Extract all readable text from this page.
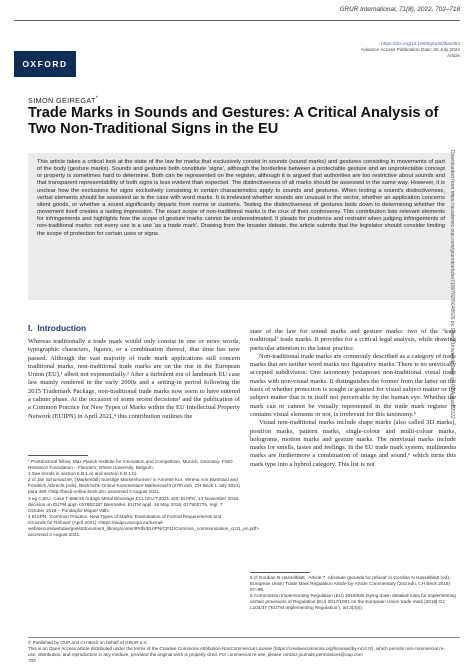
OXFORD
GRUR International, 71(8), 2022, 702–718
https://doi.org/10.1093/grurint/ikac053
Advance Access Publication Date: 26 July 2022
Article
SIMON GEIREGAT*
Trade Marks in Sounds and Gestures: A Critical Analysis of Two Non-Traditional Signs in the EU
This article takes a critical look at the state of the law for marks that exclusively consist in sounds (sound marks) and gestures consisting in movements of part of the body (gesture marks). Sounds and gestures both constitute ‘signs’, although the borderline between a protectable gesture and an unprotectable concept or property is sometimes hard to determine. Both can be represented on the register, although it is argued that authorities are too restrictive about sounds and that transparent representability of both signs is less evident than expected. The distinctiveness of all marks should be assessed in the same way. However, it is unclear how the exclusions for signs exclusively consisting in certain characteristics apply to sounds and gestures. When testing a sound’s distinctiveness, verbal elements should be assessed as is the case with word marks. It is irrelevant whether sounds are unusual in the sector, whether an application concerns silent goods, or whether a sound significantly departs from norms or customs. Testing the distinctiveness of gestures boils down to determining whether the movement itself creates a lasting impression. The exact scope of non-traditional marks is the crux of their controversy. This contribution lists relevant elements for infringements and highlights how the scope of gesture marks cannot be underestimated. It pleads for prudence and restraint when judging infringements of non-traditional marks: not every use is a use ‘as a trade mark’. Drawing from the broader debate, the article submits that the legislator should consider limiting the scope of protection for certain uses or signs.
I. Introduction

Whereas traditionally a trade mark would only consist in one or more words, typographic characters, figures, or a combination thereof, that time has now passed. Although the vast majority of trade mark applications still concern traditional marks, non-traditional trade marks are on the rise in the European Union (EU),¹ albeit not exponentially.² After a turbulent era of landmark EU case law mainly rendered in the early 2000s and a setting-in period following the 2015 Trademark Package, non-traditional trade marks now seem to have entered a calmer phase. At the occasion of some recent decisions³ and the publication of a Common Practice for New Types of Marks within the EU Intellectual Property Network (EUIPN) in April 2021,⁴ this contribution outlines the

state of the law for sound marks and gesture marks: two of the ‘least traditional’ trade marks. It provides for a critical legal analysis, while drawing particular attention to the latest practice.

Non-traditional trade marks are commonly described as a category of trade marks that are neither word marks nor figurative marks. There is no univocally accepted subdivision. One taxonomy juxtaposes non-traditional visual trade marks with non-visual marks. It distinguishes the former from the latter on the basis of whether protection is sought or granted for visual subject matter or for subject matter that is in itself not perceivable by the human eye. Whether the mark can or cannot be visually represented in the trade mark register or contains visual elements or not, is irrelevant for this taxonomy.⁵

Visual non-traditional marks include shape marks (also called 3D marks), position marks, pattern marks, single-colour and multi-colour marks, holograms, motion marks and gesture marks. The nonvisual marks include marks for smells, tastes and feelings. In the EU trade mark system, multimedia marks are furthermore a combination of image and sound,⁶ which turns this mark type into a hybrid category. This list is not

* Postdoctoral fellow, Max Planck Institute for Innovation and Competition, Munich, Germany. FWO Research Foundation – Flanders; Ghent University, Belgium.

1 See trends in section II.B.1.a) and section II.B.1.b).

2 cf Jan Schumacher, ‘[Markenfall] Sonstige Markenformen’ in Annette Kur, Verena von Bomhard and Friedrich Albrecht (eds), Beck’sche Online-Kommentare Markenrecht (27th edn, CH Beck 1 July 2021) para 495 <http://beck-online.beck.de> accessed 3 August 2021.

3 eg CJEU, Case T-668/19 Ardagh Metal Beverage ECLI:EU:T:2021:420; EUIPO, 13 November 2018, decision on EUTM appl. 017852187 Biermarke; EUTM appl. 18 May 2018, 017902776, regl. 7 October 2018 – Fundação Miquel Valls.

4 EUIPN, ‘Common Practice. New Types of Marks: Examination of Formal Requirements and Grounds for Refusal’ (April 2021) <https://euipo.europa.eu/tunnel-web/secure/webdav/guest/document_library/contentPdfs/EUIPN/CP11/Common_communication_cp11_en.pdf> accessed 3 August 2021.

5 cf Gordian N Hasselblatt, ‘Article 7. Absolute grounds for refusal’ in Gordian N Hasselblatt (ed), European Union Trade Mark Regulation Article-by-Article Commentary (2nd edn, CH Beck 2018) 97–99.

6 Commission Implementing Regulation (EU) 2018/626 laying down detailed rules for implementing certain provisions of Regulation (EU) 2017/1001 on the European Union trade mark [2018] OJ L104/37 (‘EUTM Implementing Regulation’), art 3(3)(i).

© Published by OUP and CH Beck on behalf of GRUR e.V.
This is an Open Access article distributed under the terms of the Creative Commons Attribution-NonCommercial License (https://creativecommons.org/licenses/by-nc/4.0/), which permits non-commercial re-use, distribution, and reproduction in any medium, provided the original work is properly cited. For commercial re-use, please contact journals.permissions@oup.com
702
Downloaded from https://academic.oup.com/grurint/article/71/8/702/6648526 by Ghent University user on 09 August 2022
